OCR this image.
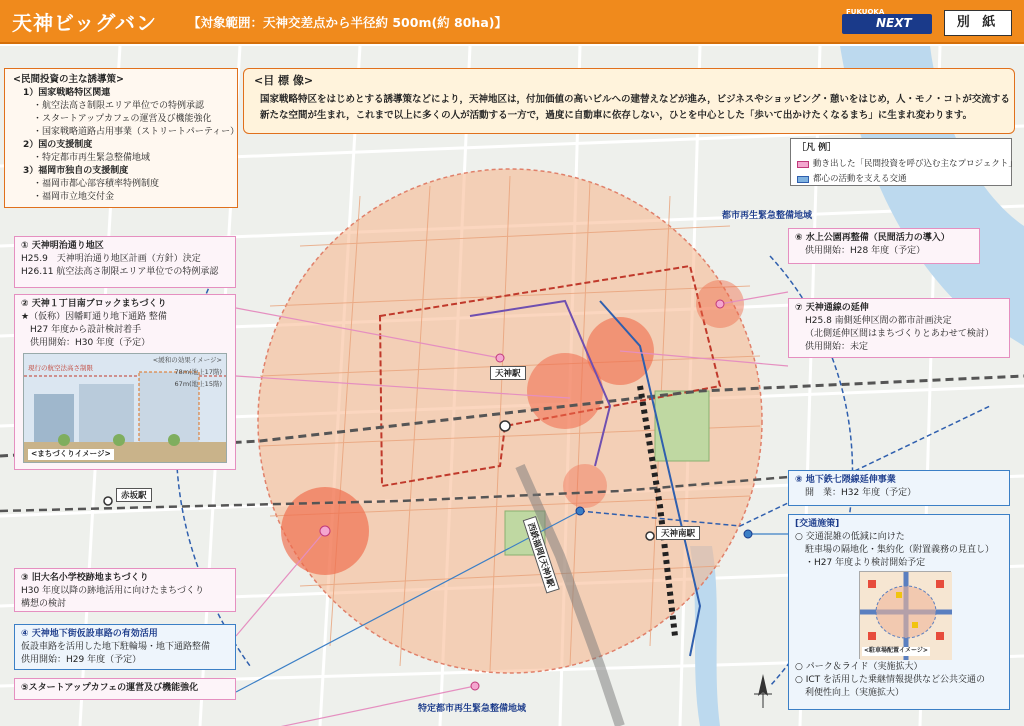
天神ビッグバン 【対象範囲：天神交差点から半径約 500m(約 80ha)】
FUKUOKA
NEXT	別 紙
都市再生緊急整備地域
特定都市再生緊急整備地域
天神駅
赤坂駅
天神南駅
西鉄福岡(天神)駅
<民間投資の主な誘導策>
1）国家戦略特区関連
・航空法高さ制限エリア単位での特例承認
・スタートアップカフェの運営及び機能強化
・国家戦略道路占用事業（ストリートパーティー）
2）国の支援制度
・特定都市再生緊急整備地域
3）福岡市独自の支援制度
・福岡市都心部容積率特例制度
・福岡市立地交付金
<目 標 像>
国家戦略特区をはじめとする誘導策などにより，天神地区は，付加価値の高いビルへの建替えなどが進み，ビジネスやショッピング・憩いをはじめ，人・モノ・コトが交流する
新たな空間が生まれ，これまで以上に多くの人が活動する一方で，過度に自動車に依存しない，ひとを中心とした「歩いて出かけたくなるまち」に生まれ変わります。
［凡 例］
動き出した「民間投資を呼び込む主なプロジェクト」
都心の活動を支える交通
① 天神明治通り地区
H25.9　天神明治通り地区計画（方針）決定
H26.11 航空法高さ制限エリア単位での特例承認
② 天神１丁目南ブロックまちづくり
★（仮称）因幡町通り地下通路 整備
　H27 年度から設計検討着手
　供用開始：H30 年度（予定）
現行の航空法高さ制限
<緩和の効果イメージ>
78m(地上17階)
67m(地上15階)
<まちづくりイメージ>
③ 旧大名小学校跡地まちづくり
H30 年度以降の跡地活用に向けたまちづくり
構想の検討
④ 天神地下街仮設車路の有効活用
仮設車路を活用した地下駐輪場・地下通路整備
供用開始：H29 年度（予定）
⑤スタートアップカフェの運営及び機能強化
⑥ 水上公園再整備（民間活力の導入）
供用開始：H28 年度（予定）
⑦ 天神通線の延伸
H25.8 南側延伸区間の都市計画決定
（北側延伸区間はまちづくりとあわせて検討）
供用開始：未定
⑧ 地下鉄七隈線延伸事業
開　業：H32 年度（予定）
[交通施策]
○ 交通混雑の低減に向けた
駐車場の隔地化・集約化（附置義務の見直し）
・H27 年度より検討開始予定
<駐車場配置イメージ>
○ パーク＆ライド（実施拡大）
○ ICT を活用した乗継情報提供など公共交通の
利便性向上（実施拡大）
